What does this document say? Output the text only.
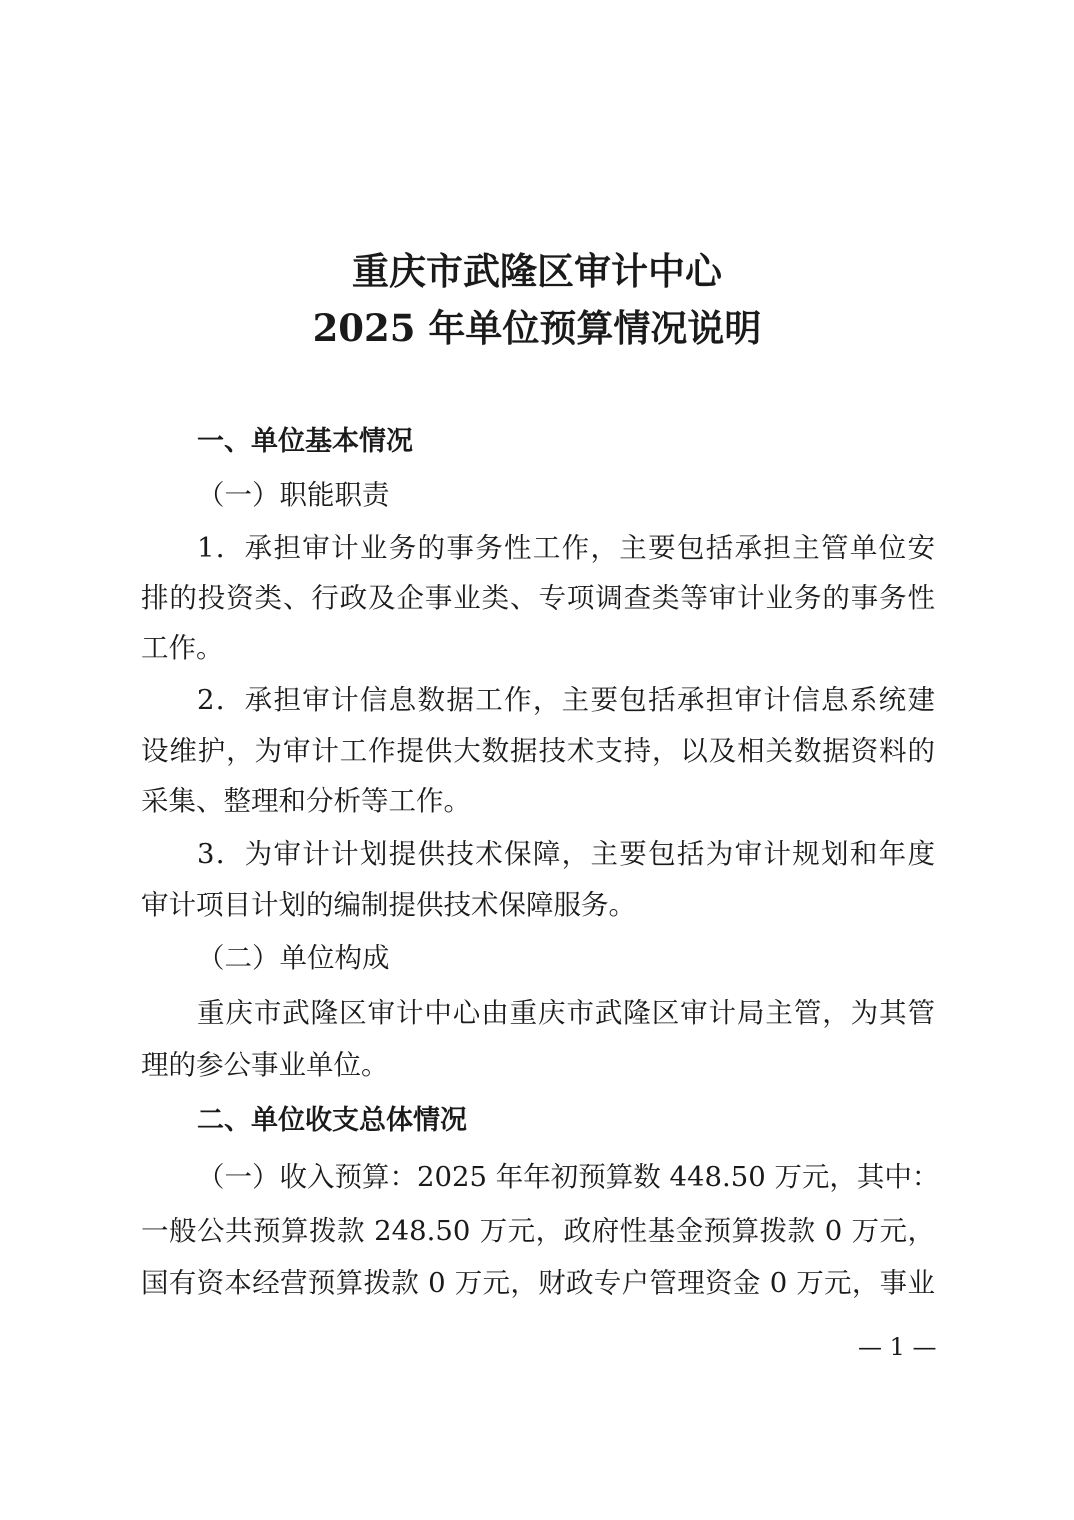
重庆市武隆区审计中心
2025 年单位预算情况说明
一、单位基本情况
（一）职能职责
1．承担审计业务的事务性工作，主要包括承担主管单位安
排的投资类、行政及企事业类、专项调查类等审计业务的事务性
工作。
2．承担审计信息数据工作，主要包括承担审计信息系统建
设维护，为审计工作提供大数据技术支持，以及相关数据资料的
采集、整理和分析等工作。
3．为审计计划提供技术保障，主要包括为审计规划和年度
审计项目计划的编制提供技术保障服务。
（二）单位构成
重庆市武隆区审计中心由重庆市武隆区审计局主管，为其管
理的参公事业单位。
二、单位收支总体情况
（一）收入预算：2025 年年初预算数 448.50 万元，其中：
一般公共预算拨款 248.50 万元，政府性基金预算拨款 0 万元，
国有资本经营预算拨款 0 万元，财政专户管理资金 0 万元，事业
— 1 —
